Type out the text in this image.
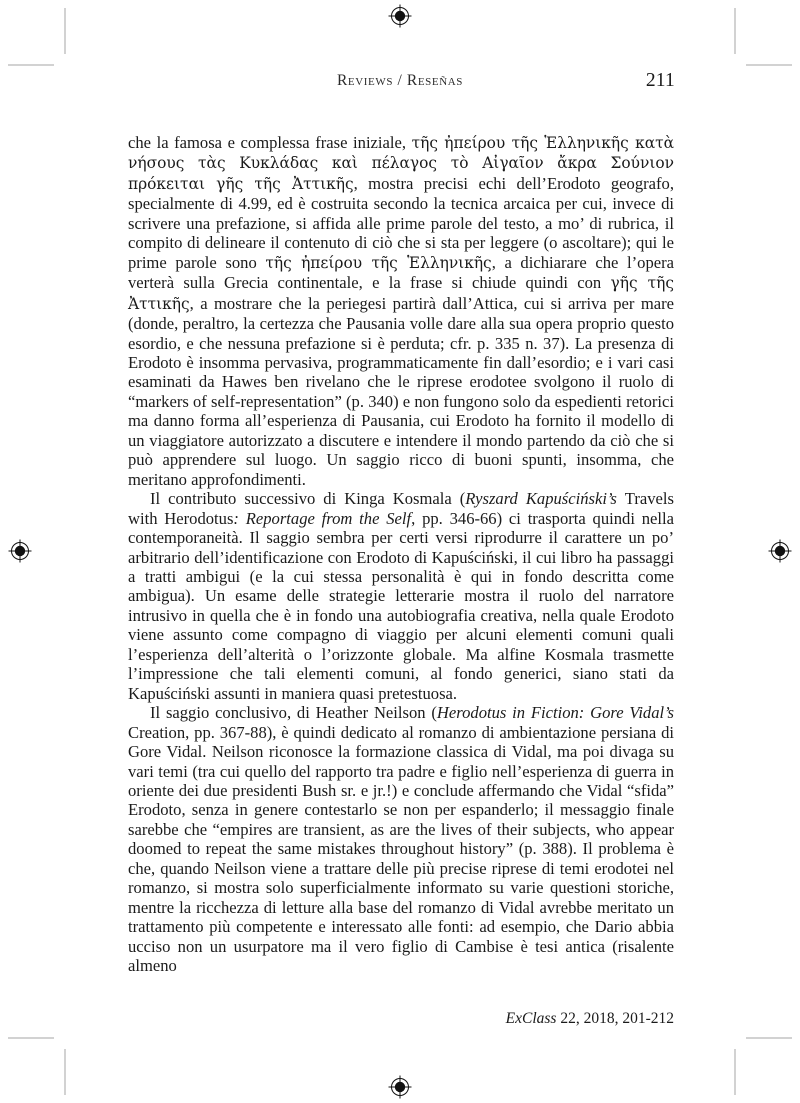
Reviews / Reseñas	211

che la famosa e complessa frase iniziale, τῆς ἠπείρου τῆς Ἑλληνικῆς κατὰ νήσους τὰς Κυκλάδας καὶ πέλαγος τὸ Αἰγαῖον ἄκρα Σούνιον πρόκειται γῆς τῆς Ἀττικῆς, mostra precisi echi dell’Erodoto geografo, specialmente di 4.99, ed è costruita secondo la tecnica arcaica per cui, invece di scrivere una prefazione, si affida alle prime parole del testo, a mo’ di rubrica, il compito di delineare il contenuto di ciò che si sta per leggere (o ascoltare); qui le prime parole sono τῆς ἠπείρου τῆς Ἑλληνικῆς, a dichiarare che l’opera verterà sulla Grecia continentale, e la frase si chiude quindi con γῆς τῆς Ἀττικῆς, a mostrare che la periegesi partirà dall’Attica, cui si arriva per mare (donde, peraltro, la certezza che Pausania volle dare alla sua opera proprio questo esordio, e che nessuna prefazione si è perduta; cfr. p. 335 n. 37). La presenza di Erodoto è insomma pervasiva, programmaticamente fin dall’esordio; e i vari casi esaminati da Hawes ben rivelano che le riprese erodotee svolgono il ruolo di “markers of self-representation” (p. 340) e non fungono solo da espedienti retorici ma danno forma all’esperienza di Pausania, cui Erodoto ha fornito il modello di un viaggiatore autorizzato a discutere e intendere il mondo partendo da ciò che si può apprendere sul luogo. Un saggio ricco di buoni spunti, insomma, che meritano approfondimenti.

Il contributo successivo di Kinga Kosmala (Ryszard Kapuściński’s Travels with Herodotus: Reportage from the Self, pp. 346-66) ci trasporta quindi nella contemporaneità. Il saggio sembra per certi versi riprodurre il carattere un po’ arbitrario dell’identificazione con Erodoto di Kapuściński, il cui libro ha passaggi a tratti ambigui (e la cui stessa personalità è qui in fondo descritta come ambigua). Un esame delle strategie letterarie mostra il ruolo del narratore intrusivo in quella che è in fondo una autobiografia creativa, nella quale Erodoto viene assunto come compagno di viaggio per alcuni elementi comuni quali l’esperienza dell’alterità o l’orizzonte globale. Ma alfine Kosmala trasmette l’impressione che tali elementi comuni, al fondo generici, siano stati da Kapuściński assunti in maniera quasi pretestuosa.

Il saggio conclusivo, di Heather Neilson (Herodotus in Fiction: Gore Vidal’s Creation, pp. 367-88), è quindi dedicato al romanzo di ambientazione persiana di Gore Vidal. Neilson riconosce la formazione classica di Vidal, ma poi divaga su vari temi (tra cui quello del rapporto tra padre e figlio nell’esperienza di guerra in oriente dei due presidenti Bush sr. e jr.!) e conclude affermando che Vidal “sfida” Erodoto, senza in genere contestarlo se non per espanderlo; il messaggio finale sarebbe che “empires are transient, as are the lives of their subjects, who appear doomed to repeat the same mistakes throughout history” (p. 388). Il problema è che, quando Neilson viene a trattare delle più precise riprese di temi erodotei nel romanzo, si mostra solo superficialmente informato su varie questioni storiche, mentre la ricchezza di letture alla base del romanzo di Vidal avrebbe meritato un trattamento più competente e interessato alle fonti: ad esempio, che Dario abbia ucciso non un usurpatore ma il vero figlio di Cambise è tesi antica (risalente almeno

ExClass 22, 2018, 201-212
